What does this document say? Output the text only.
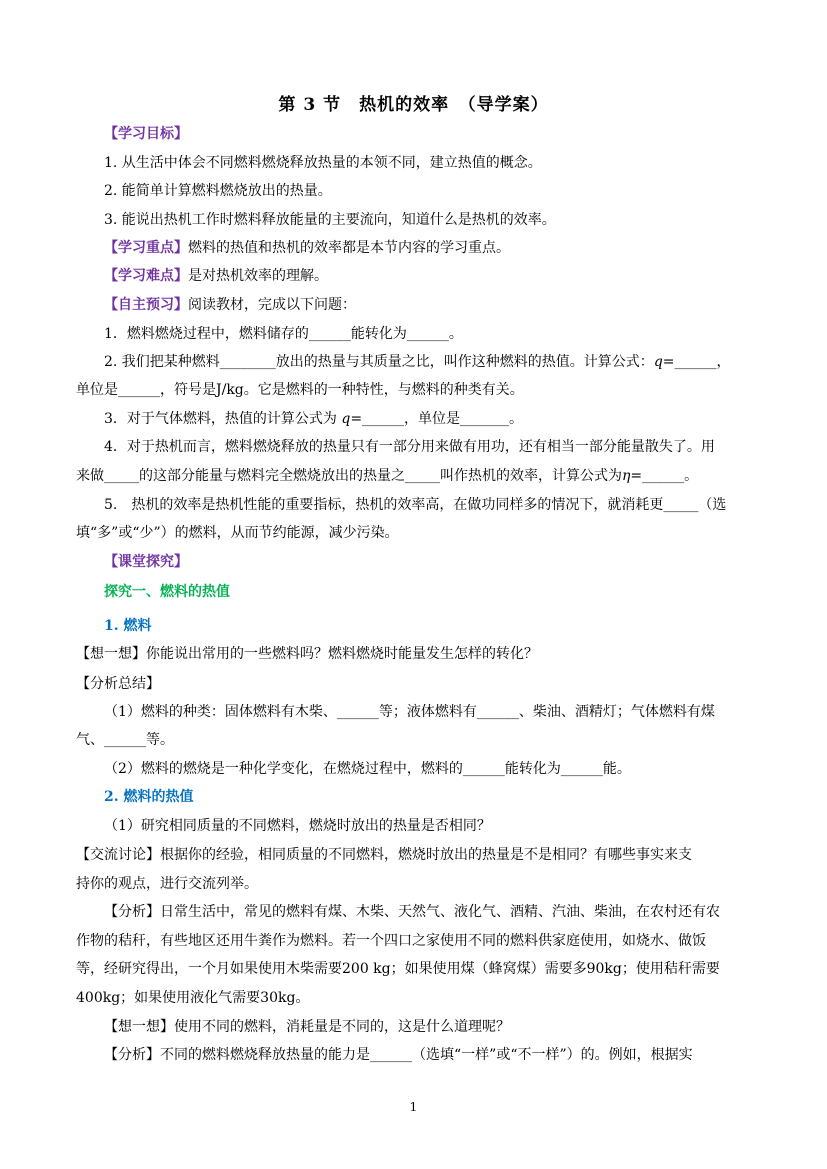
第 3 节　热机的效率　（导学案）
【学习目标】
1. 从生活中体会不同燃料燃烧释放热量的本领不同，建立热值的概念。
2. 能简单计算燃料燃烧放出的热量。
3. 能说出热机工作时燃料释放能量的主要流向，知道什么是热机的效率。
【学习重点】燃料的热值和热机的效率都是本节内容的学习重点。
【学习难点】是对热机效率的理解。
【自主预习】阅读教材，完成以下问题：
1．燃料燃烧过程中，燃料储存的______能转化为______。
2. 我们把某种燃料________放出的热量与其质量之比，叫作这种燃料的热值。计算公式：q=______，
单位是______，符号是J/kg。它是燃料的一种特性，与燃料的种类有关。
3．对于气体燃料，热值的计算公式为 q=______，单位是_______。
4．对于热机而言，燃料燃烧释放的热量只有一部分用来做有用功，还有相当一部分能量散失了。用
来做_____的这部分能量与燃料完全燃烧放出的热量之_____叫作热机的效率，计算公式为η=______。
5.　热机的效率是热机性能的重要指标，热机的效率高，在做功同样多的情况下，就消耗更_____（选
填“多”或“少”）的燃料，从而节约能源，减少污染。
【课堂探究】
探究一、燃料的热值
1. 燃料
【想一想】你能说出常用的一些燃料吗？燃料燃烧时能量发生怎样的转化？
【分析总结】
（1）燃料的种类：固体燃料有木柴、______等；液体燃料有______、柴油、酒精灯；气体燃料有煤
气、______等。
（2）燃料的燃烧是一种化学变化，在燃烧过程中，燃料的______能转化为______能。
2. 燃料的热值
（1）研究相同质量的不同燃料，燃烧时放出的热量是否相同？
【交流讨论】根据你的经验，相同质量的不同燃料，燃烧时放出的热量是不是相同？有哪些事实来支
持你的观点，进行交流列举。
【分析】日常生活中，常见的燃料有煤、木柴、天然气、液化气、酒精、汽油、柴油，在农村还有农
作物的秸秆，有些地区还用牛粪作为燃料。若一个四口之家使用不同的燃料供家庭使用，如烧水、做饭
等，经研究得出，一个月如果使用木柴需要200 kg；如果使用煤（蜂窝煤）需要多90kg；使用秸秆需要
400kg；如果使用液化气需要30kg。
【想一想】使用不同的燃料，消耗量是不同的，这是什么道理呢？
【分析】不同的燃料燃烧释放热量的能力是______（选填“一样”或“不一样”）的。例如，根据实
1
